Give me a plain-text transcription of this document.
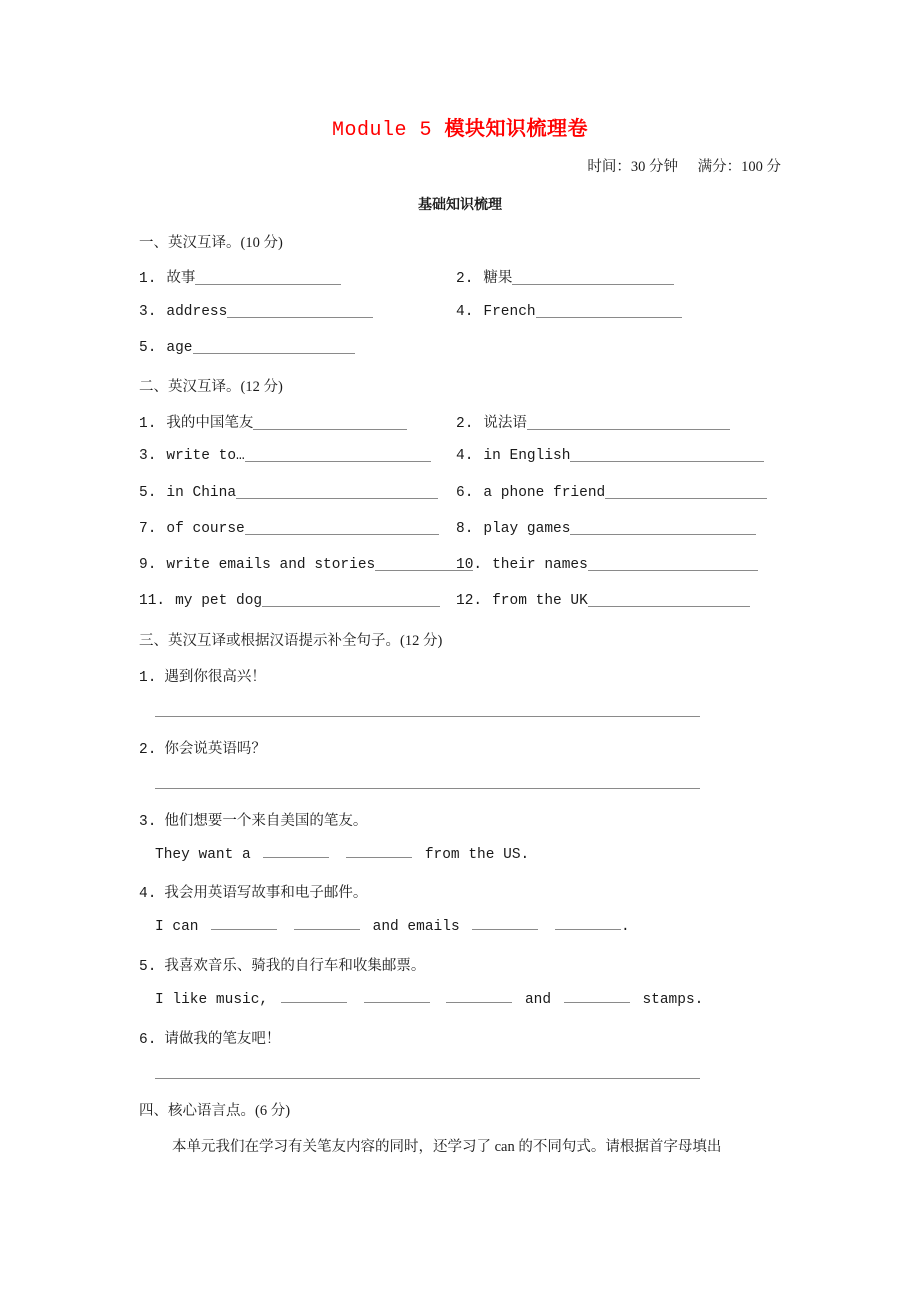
Module 5 模块知识梳理卷
时间：30 分钟 满分：100 分
基础知识梳理
一、英汉互译。(10 分)
1. 故事	2. 糖果
3. address	4. French
5. age
二、英汉互译。(12 分)
1. 我的中国笔友	2. 说法语
3. write to…	4. in English
5. in China	6. a phone friend
7. of course	8. play games
9. write emails and stories	10. their names
11. my pet dog	12. from the UK
三、英汉互译或根据汉语提示补全句子。(12 分)
1. 遇到你很高兴！
2. 你会说英语吗？
3. 他们想要一个来自美国的笔友。
They want a	from the US.
4. 我会用英语写故事和电子邮件。
I can	and emails	.
5. 我喜欢音乐、骑我的自行车和收集邮票。
I like music,	and	stamps.
6. 请做我的笔友吧！
四、核心语言点。(6 分)
本单元我们在学习有关笔友内容的同时，还学习了 can 的不同句式。请根据首字母填出
